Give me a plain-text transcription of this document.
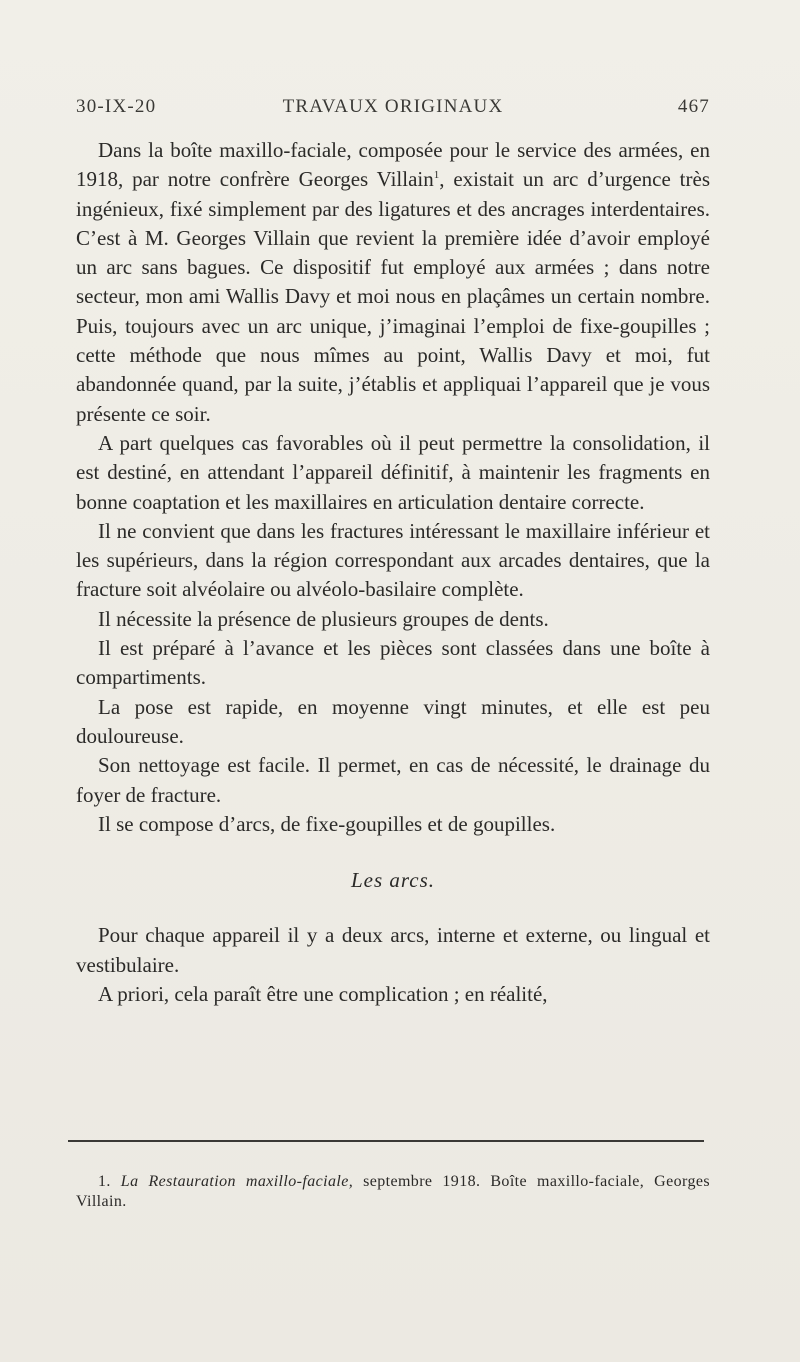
30-IX-20	TRAVAUX ORIGINAUX	467

Dans la boîte maxillo-faciale, composée pour le service des armées, en 1918, par notre confrère Georges Villain$^1$, existait un arc d’urgence très ingénieux, fixé simplement par des ligatures et des ancrages interdentaires. C’est à M. Georges Villain que revient la première idée d’avoir employé un arc sans bagues. Ce dispositif fut employé aux armées ; dans notre secteur, mon ami Wallis Davy et moi nous en plaçâmes un certain nombre. Puis, toujours avec un arc unique, j’imaginai l’emploi de fixe-goupilles ; cette méthode que nous mîmes au point, Wallis Davy et moi, fut abandonnée quand, par la suite, j’établis et appliquai l’appareil que je vous présente ce soir.

A part quelques cas favorables où il peut permettre la consolidation, il est destiné, en attendant l’appareil définitif, à maintenir les fragments en bonne coaptation et les maxillaires en articulation dentaire correcte.

Il ne convient que dans les fractures intéressant le maxillaire inférieur et les supérieurs, dans la région correspondant aux arcades dentaires, que la fracture soit alvéolaire ou alvéolo-basilaire complète.

Il nécessite la présence de plusieurs groupes de dents.

Il est préparé à l’avance et les pièces sont classées dans une boîte à compartiments.

La pose est rapide, en moyenne vingt minutes, et elle est peu douloureuse.

Son nettoyage est facile. Il permet, en cas de nécessité, le drainage du foyer de fracture.

Il se compose d’arcs, de fixe-goupilles et de goupilles.

Les arcs.

Pour chaque appareil il y a deux arcs, interne et externe, ou lingual et vestibulaire.

A priori, cela paraît être une complication ; en réalité,

1. La Restauration maxillo-faciale, septembre 1918. Boîte maxillo-faciale, Georges Villain.
